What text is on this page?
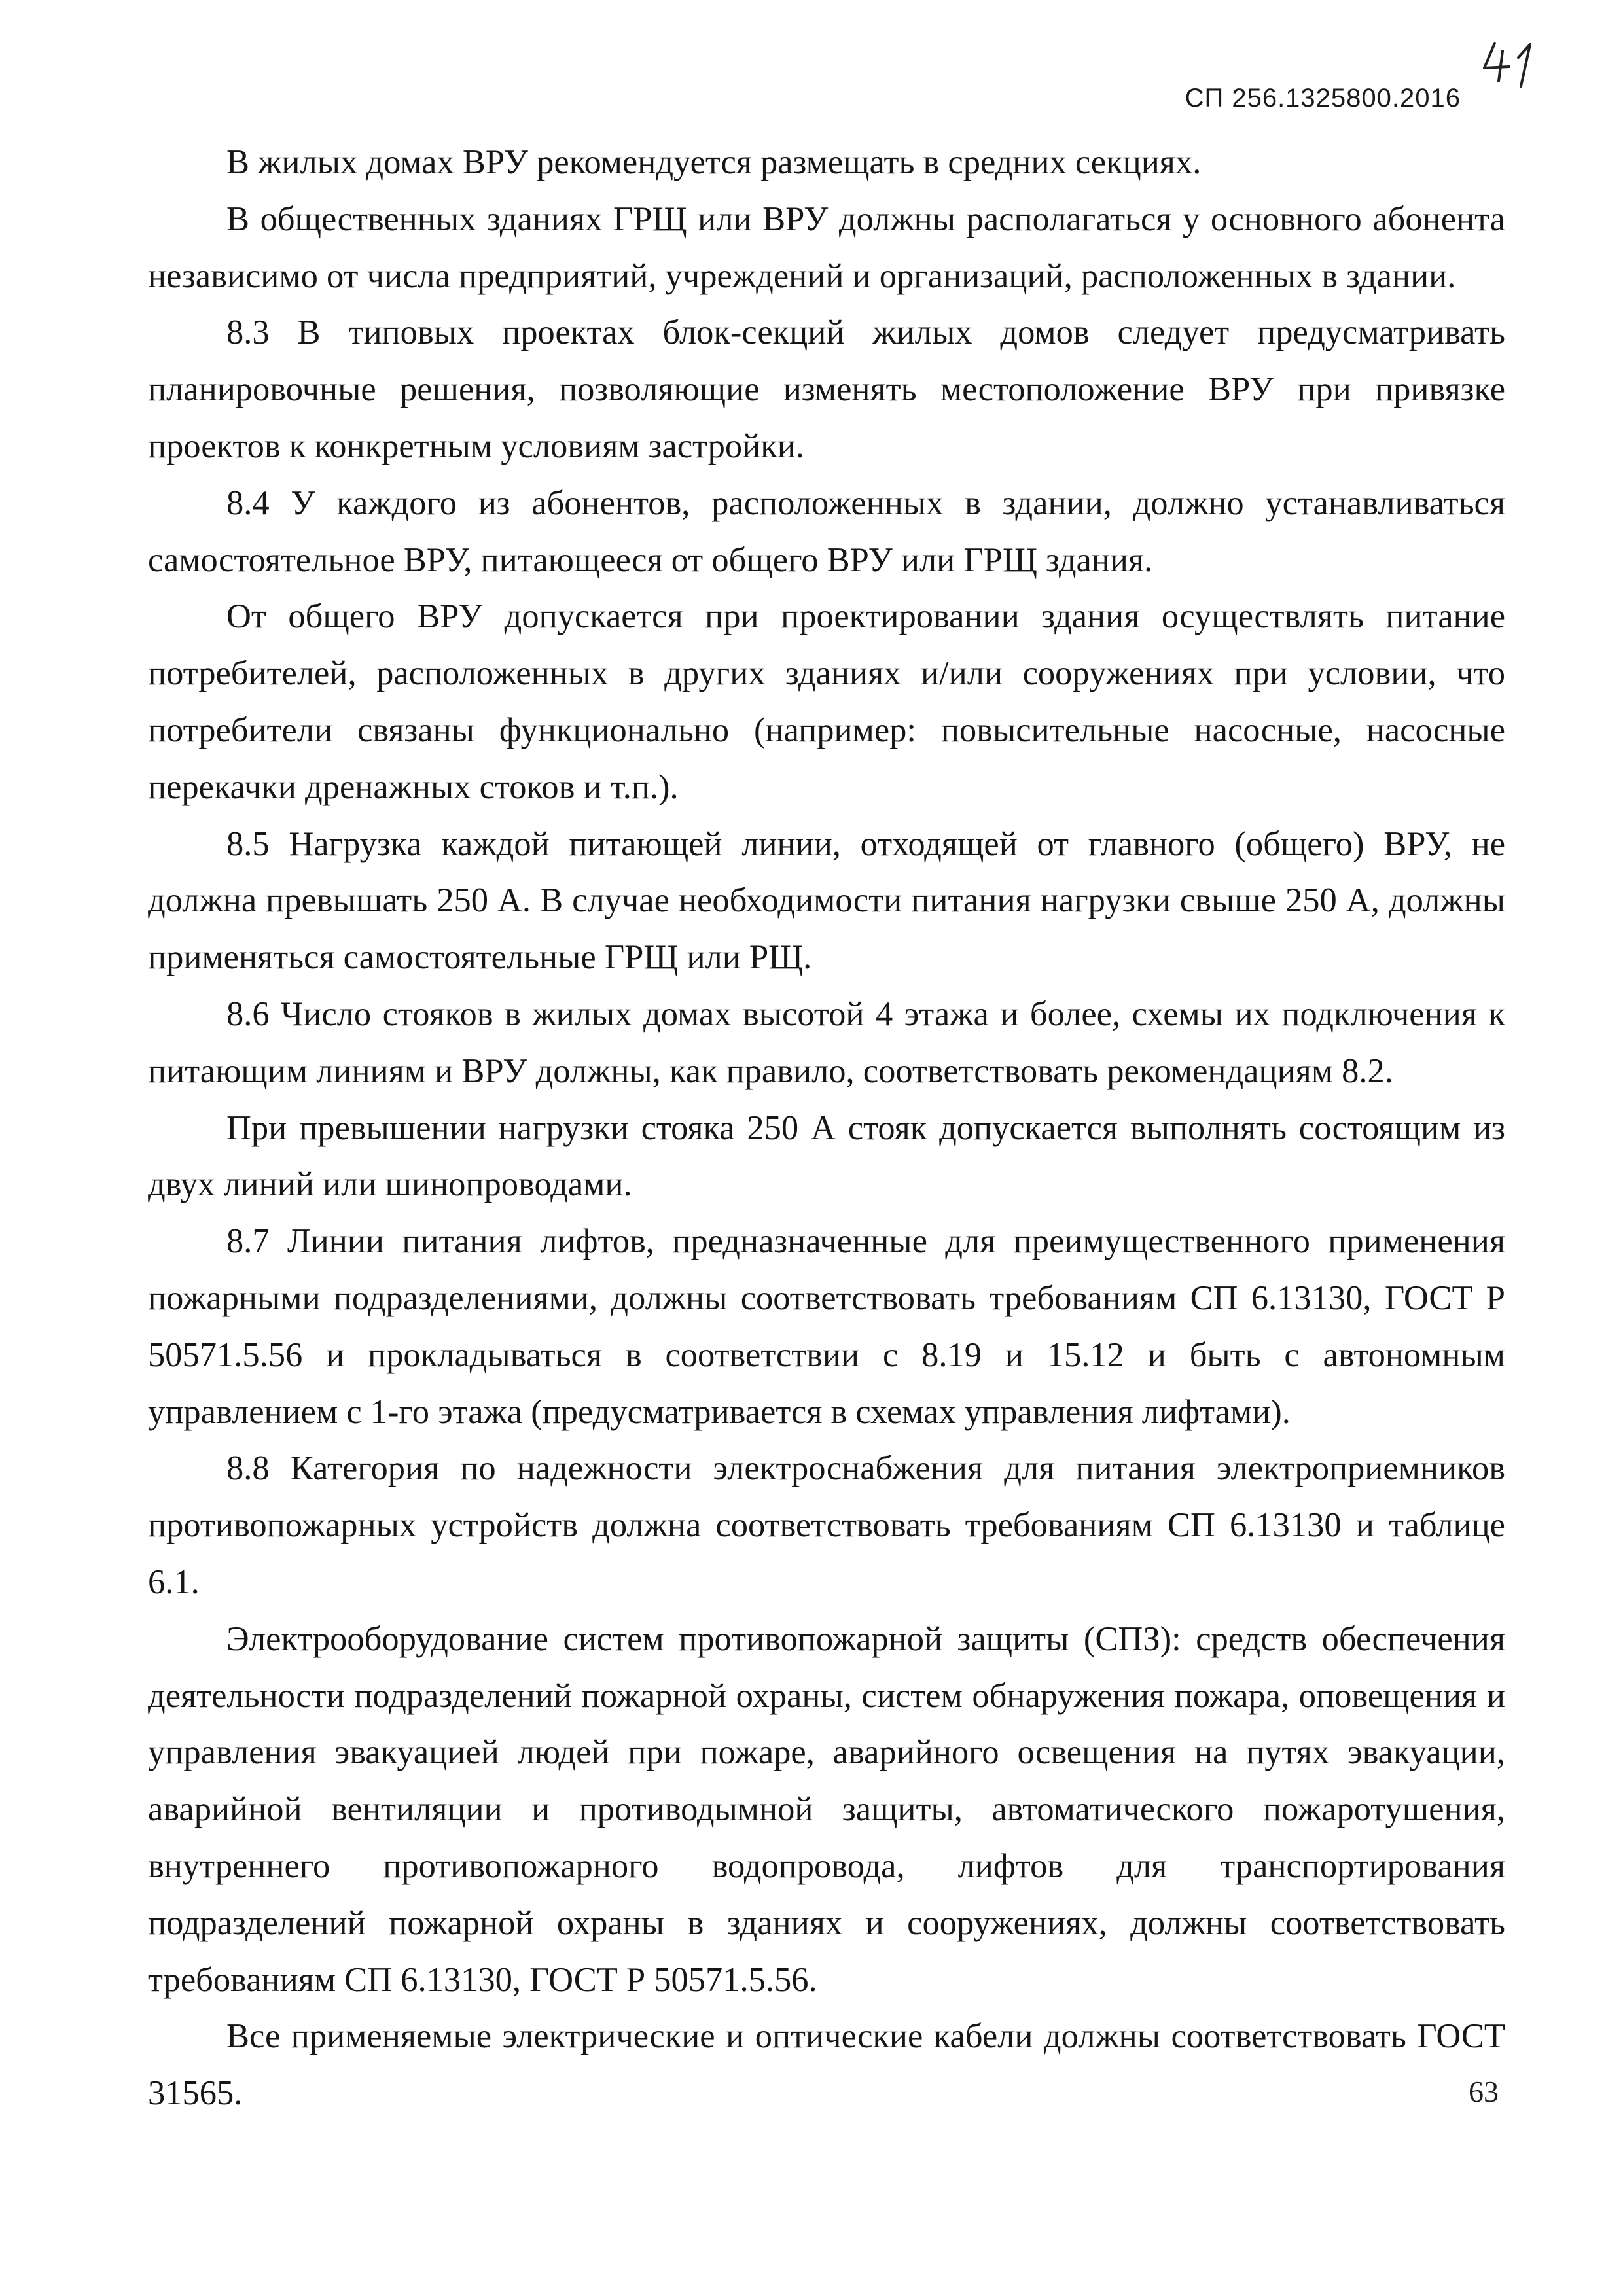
СП 256.1325800.2016

В жилых домах ВРУ рекомендуется размещать в средних секциях.

В общественных зданиях ГРЩ или ВРУ должны располагаться у основного абонента независимо от числа предприятий, учреждений и организаций, расположенных в здании.

8.3 В типовых проектах блок-секций жилых домов следует предусматривать планировочные решения, позволяющие изменять местоположение ВРУ при привязке проектов к конкретным условиям застройки.

8.4 У каждого из абонентов, расположенных в здании, должно устанавливаться самостоятельное ВРУ, питающееся от общего ВРУ или ГРЩ здания.

От общего ВРУ допускается при проектировании здания осуществлять питание потребителей, расположенных в других зданиях и/или сооружениях при условии, что потребители связаны функционально (например: повысительные насосные, насосные перекачки дренажных стоков и т.п.).

8.5 Нагрузка каждой питающей линии, отходящей от главного (общего) ВРУ, не должна превышать 250 А. В случае необходимости питания нагрузки свыше 250 А, должны применяться самостоятельные ГРЩ или РЩ.

8.6 Число стояков в жилых домах высотой 4 этажа и более, схемы их подключения к питающим линиям и ВРУ должны, как правило, соответствовать рекомендациям 8.2.

При превышении нагрузки стояка 250 А стояк допускается выполнять состоящим из двух линий или шинопроводами.

8.7 Линии питания лифтов, предназначенные для преимущественного применения пожарными подразделениями, должны соответствовать требованиям СП 6.13130, ГОСТ Р 50571.5.56 и прокладываться в соответствии с 8.19 и 15.12 и быть с автономным управлением с 1-го этажа (предусматривается в схемах управления лифтами).

8.8 Категория по надежности электроснабжения для питания электроприемников противопожарных устройств должна соответствовать требованиям СП 6.13130 и таблице 6.1.

Электрооборудование систем противопожарной защиты (СПЗ): средств обеспечения деятельности подразделений пожарной охраны, систем обнаружения пожара, оповещения и управления эвакуацией людей при пожаре, аварийного освещения на путях эвакуации, аварийной вентиляции и противодымной защиты, автоматического пожаротушения, внутреннего противопожарного водопровода, лифтов для транспортирования подразделений пожарной охраны в зданиях и сооружениях, должны соответствовать требованиям СП 6.13130, ГОСТ Р 50571.5.56.

Все применяемые электрические и оптические кабели должны соответствовать ГОСТ 31565.	63
